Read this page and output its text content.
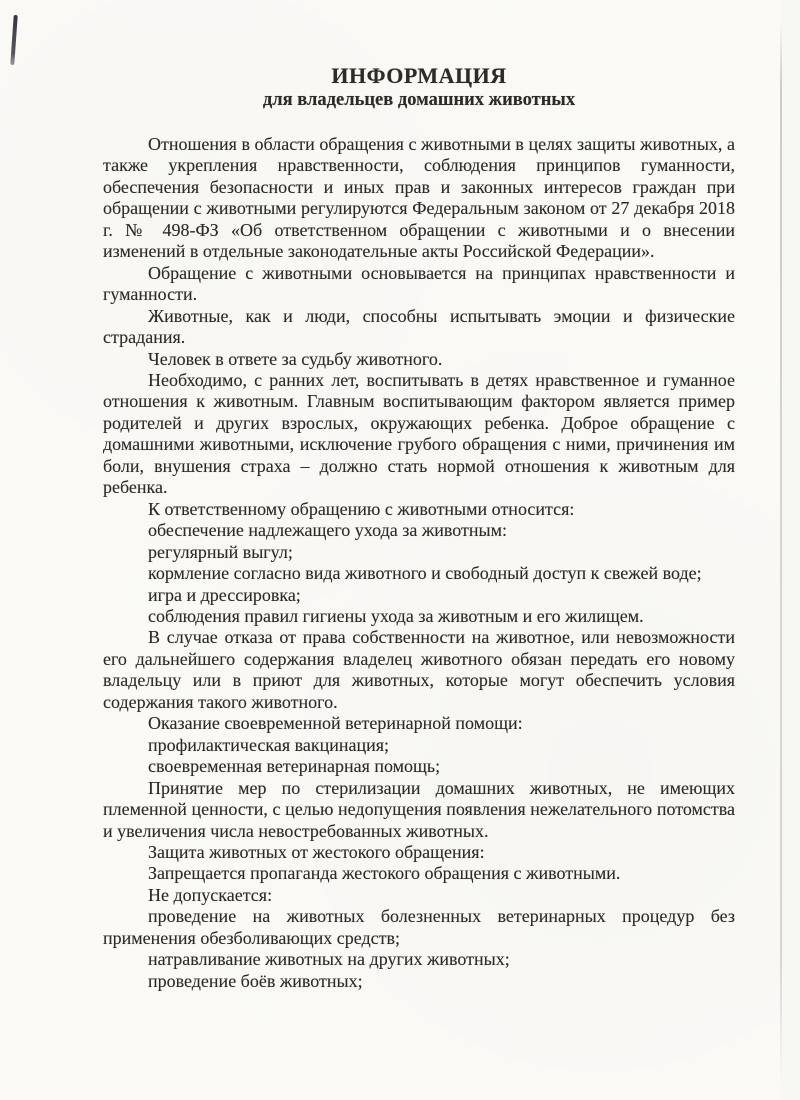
ИНФОРМАЦИЯ
для владельцев домашних животных

Отношения в области обращения с животными в целях защиты животных, а также укрепления нравственности, соблюдения принципов гуманности, обеспечения безопасности и иных прав и законных интересов граждан при обращении с животными регулируются Федеральным законом от 27 декабря 2018 г. № 498-ФЗ «Об ответственном обращении с животными и о внесении изменений в отдельные законодательные акты Российской Федерации».

Обращение с животными основывается на принципах нравственности и гуманности.

Животные, как и люди, способны испытывать эмоции и физические страдания.

Человек в ответе за судьбу животного.

Необходимо, с ранних лет, воспитывать в детях нравственное и гуманное отношения к животным. Главным воспитывающим фактором является пример родителей и других взрослых, окружающих ребенка. Доброе обращение с домашними животными, исключение грубого обращения с ними, причинения им боли, внушения страха – должно стать нормой отношения к животным для ребенка.

К ответственному обращению с животными относится:

обеспечение надлежащего ухода за животным:

регулярный выгул;

кормление согласно вида животного и свободный доступ к свежей воде;

игра и дрессировка;

соблюдения правил гигиены ухода за животным и его жилищем.

В случае отказа от права собственности на животное, или невозможности его дальнейшего содержания владелец животного обязан передать его новому владельцу или в приют для животных, которые могут обеспечить условия содержания такого животного.

Оказание своевременной ветеринарной помощи:

профилактическая вакцинация;

своевременная ветеринарная помощь;

Принятие мер по стерилизации домашних животных, не имеющих племенной ценности, с целью недопущения появления нежелательного потомства и увеличения числа невостребованных животных.

Защита животных от жестокого обращения:

Запрещается пропаганда жестокого обращения с животными.

Не допускается:

проведение на животных болезненных ветеринарных процедур без применения обезболивающих средств;

натравливание животных на других животных;

проведение боёв животных;
